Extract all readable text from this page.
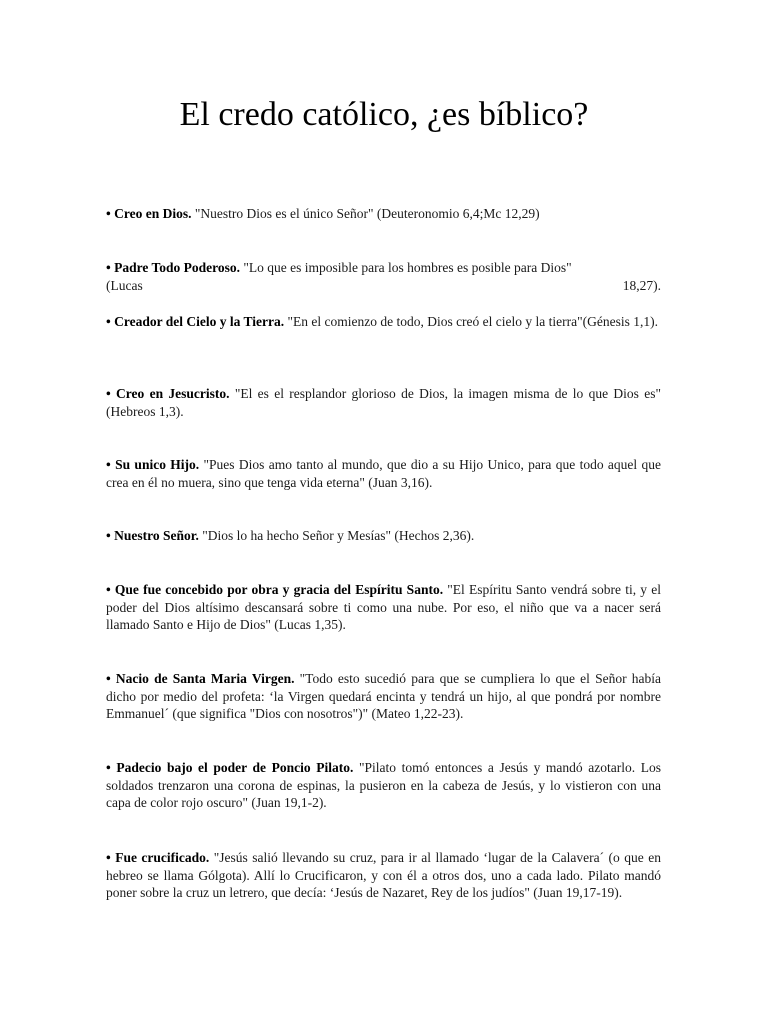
El credo católico, ¿es bíblico?

• Creo en Dios. "Nuestro Dios es el único Señor" (Deuteronomio 6,4;Mc 12,29)

• Padre Todo Poderoso. "Lo que es imposible para los hombres es posible para Dios"
(Lucas	18,27).

• Creador del Cielo y la Tierra. "En el comienzo de todo, Dios creó el cielo y la tierra"(Génesis 1,1).

• Creo en Jesucristo. "El es el resplandor glorioso de Dios, la imagen misma de lo que Dios es" (Hebreos 1,3).

• Su unico Hijo. "Pues Dios amo tanto al mundo, que dio a su Hijo Unico, para que todo aquel que crea en él no muera, sino que tenga vida eterna" (Juan 3,16).

• Nuestro Señor. "Dios lo ha hecho Señor y Mesías" (Hechos 2,36).

• Que fue concebido por obra y gracia del Espíritu Santo. "El Espíritu Santo vendrá sobre ti, y el poder del Dios altísimo descansará sobre ti como una nube. Por eso, el niño que va a nacer será llamado Santo e Hijo de Dios" (Lucas 1,35).

• Nacio de Santa Maria Virgen. "Todo esto sucedió para que se cumpliera lo que el Señor había dicho por medio del profeta: ‘la Virgen quedará encinta y tendrá un hijo, al que pondrá por nombre Emmanuel´ (que significa "Dios con nosotros")" (Mateo 1,22-23).

• Padecio bajo el poder de Poncio Pilato. "Pilato tomó entonces a Jesús y mandó azotarlo. Los soldados trenzaron una corona de espinas, la pusieron en la cabeza de Jesús, y lo vistieron con una capa de color rojo oscuro" (Juan 19,1-2).

• Fue crucificado. "Jesús salió llevando su cruz, para ir al llamado ‘lugar de la Calavera´ (o que en hebreo se llama Gólgota). Allí lo Crucificaron, y con él a otros dos, uno a cada lado. Pilato mandó poner sobre la cruz un letrero, que decía: ‘Jesús de Nazaret, Rey de los judíos" (Juan 19,17-19).
